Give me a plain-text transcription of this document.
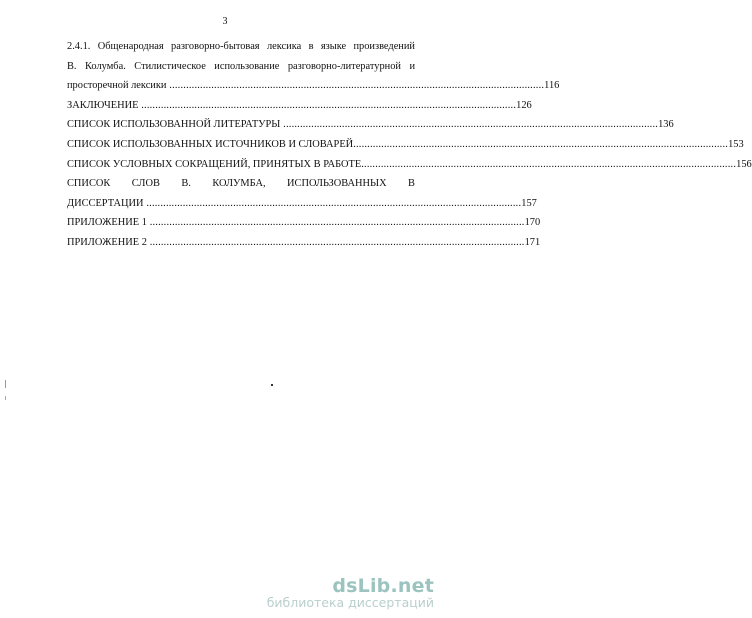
3
2.4.1. Общенародная разговорно-бытовая лексика в языке произведений
В. Колумба. Стилистическое использование разговорно-литературной и
просторечной лексики ...................................................................................................................................... 116
ЗАКЛЮЧЕНИЕ ...................................................................................................................................... 126
СПИСОК ИСПОЛЬЗОВАННОЙ ЛИТЕРАТУРЫ ...................................................................................................................................... 136
СПИСОК ИСПОЛЬЗОВАННЫХ ИСТОЧНИКОВ И СЛОВАРЕЙ ...................................................................................................................................... 153
СПИСОК УСЛОВНЫХ СОКРАЩЕНИЙ, ПРИНЯТЫХ В РАБОТЕ ...................................................................................................................................... 156
СПИСОК СЛОВ В. КОЛУМБА, ИСПОЛЬЗОВАННЫХ В
ДИССЕРТАЦИИ ...................................................................................................................................... 157
ПРИЛОЖЕНИЕ 1 ...................................................................................................................................... 170
ПРИЛОЖЕНИЕ 2 ...................................................................................................................................... 171
dsLib.net
библиотека диссертаций
